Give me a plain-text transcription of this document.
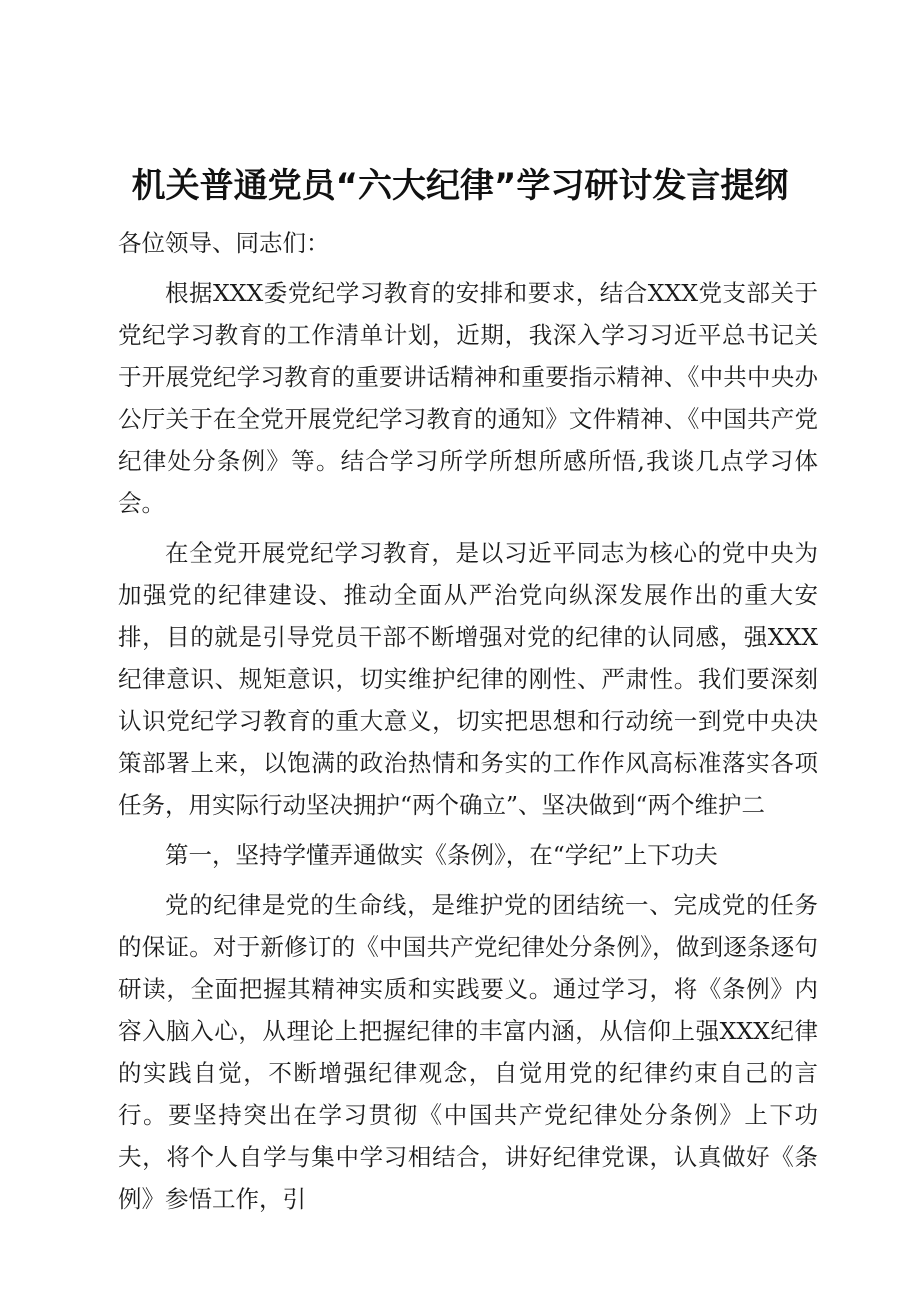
机关普通党员“六大纪律”学习研讨发言提纲

各位领导、同志们：

根据XXX委党纪学习教育的安排和要求，结合XXX党支部关于党纪学习教育的工作清单计划，近期，我深入学习习近平总书记关于开展党纪学习教育的重要讲话精神和重要指示精神、《中共中央办公厅关于在全党开展党纪学习教育的通知》文件精神、《中国共产党纪律处分条例》等。结合学习所学所想所感所悟,我谈几点学习体会。

在全党开展党纪学习教育，是以习近平同志为核心的党中央为加强党的纪律建设、推动全面从严治党向纵深发展作出的重大安排，目的就是引导党员干部不断增强对党的纪律的认同感，强XXX纪律意识、规矩意识，切实维护纪律的刚性、严肃性。我们要深刻认识党纪学习教育的重大意义，切实把思想和行动统一到党中央决策部署上来，以饱满的政治热情和务实的工作作风高标准落实各项任务，用实际行动坚决拥护“两个确立”、坚决做到“两个维护二

第一，坚持学懂弄通做实《条例》，在“学纪”上下功夫

党的纪律是党的生命线，是维护党的团结统一、完成党的任务的保证。对于新修订的《中国共产党纪律处分条例》，做到逐条逐句研读，全面把握其精神实质和实践要义。通过学习，将《条例》内容入脑入心，从理论上把握纪律的丰富内涵，从信仰上强XXX纪律的实践自觉，不断增强纪律观念，自觉用党的纪律约束自己的言行。要坚持突出在学习贯彻《中国共产党纪律处分条例》上下功夫，将个人自学与集中学习相结合，讲好纪律党课，认真做好《条例》参悟工作，引
